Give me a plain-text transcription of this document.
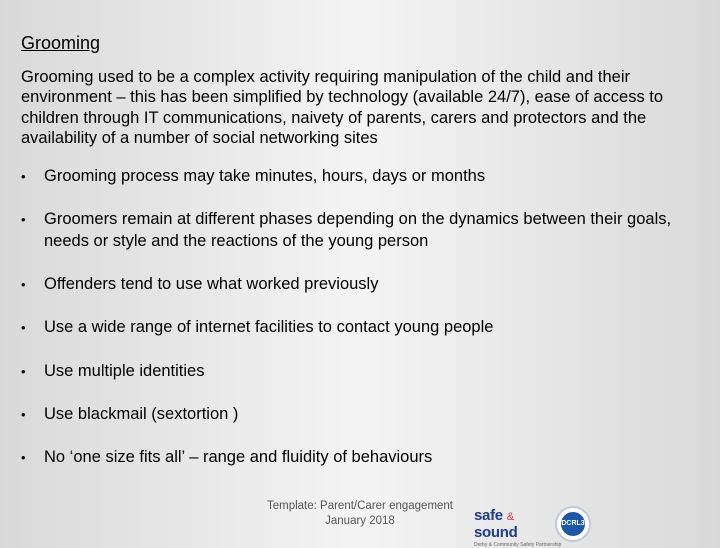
Grooming

Grooming used to be a complex activity requiring manipulation of the child and their environment – this has been simplified by technology (available 24/7), ease of access to children through IT communications, naivety of parents, carers and protectors and the availability of a number of social networking sites

• Grooming process may take minutes, hours, days or months
• Groomers remain at different phases depending on the dynamics between their goals, needs or style and the reactions of the young person
• Offenders tend to use what worked previously
• Use a wide range of internet facilities to contact young people
• Use multiple identities
• Use blackmail (sextortion )
• No ‘one size fits all’ – range and fluidity of behaviours
Template: Parent/Carer engagement
January 2018	safe & sound
Derby & Community Safety Partnership
DCRL3
